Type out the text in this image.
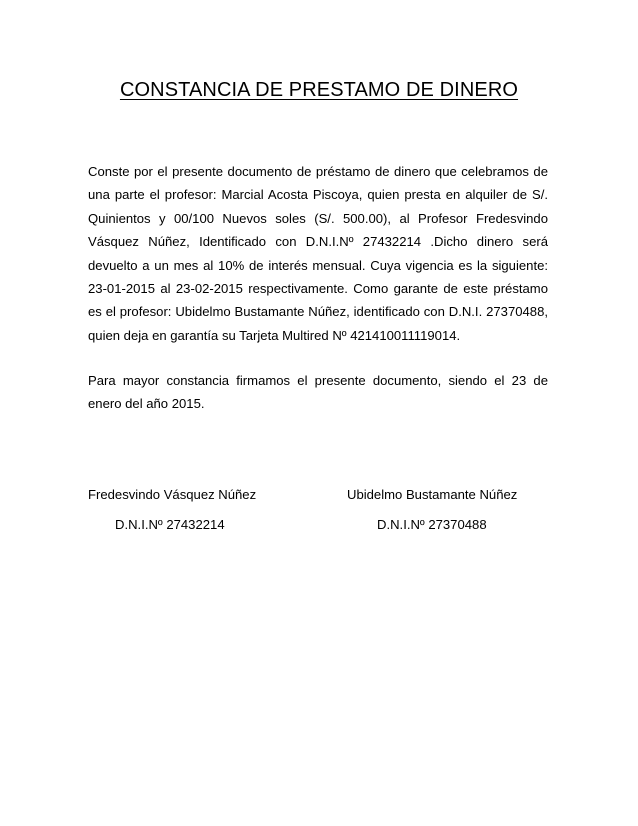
CONSTANCIA DE PRESTAMO DE DINERO

Conste por el presente documento de préstamo de dinero que celebramos de una parte el profesor: Marcial Acosta Piscoya, quien presta en alquiler de S/. Quinientos y 00/100 Nuevos soles (S/. 500.00), al Profesor Fredesvindo Vásquez Núñez, Identificado con D.N.I.Nº 27432214 .Dicho dinero será devuelto a un mes al 10% de interés mensual. Cuya vigencia es la siguiente: 23-01-2015 al 23-02-2015 respectivamente. Como garante de este préstamo es el profesor: Ubidelmo Bustamante Núñez, identificado con D.N.I. 27370488, quien deja en garantía su Tarjeta Multired Nº 421410011119014.

Para mayor constancia firmamos el presente documento, siendo el 23 de enero del año 2015.

Fredesvindo Vásquez Núñez
D.N.I.Nº 27432214
Ubidelmo Bustamante Núñez
D.N.I.Nº 27370488
